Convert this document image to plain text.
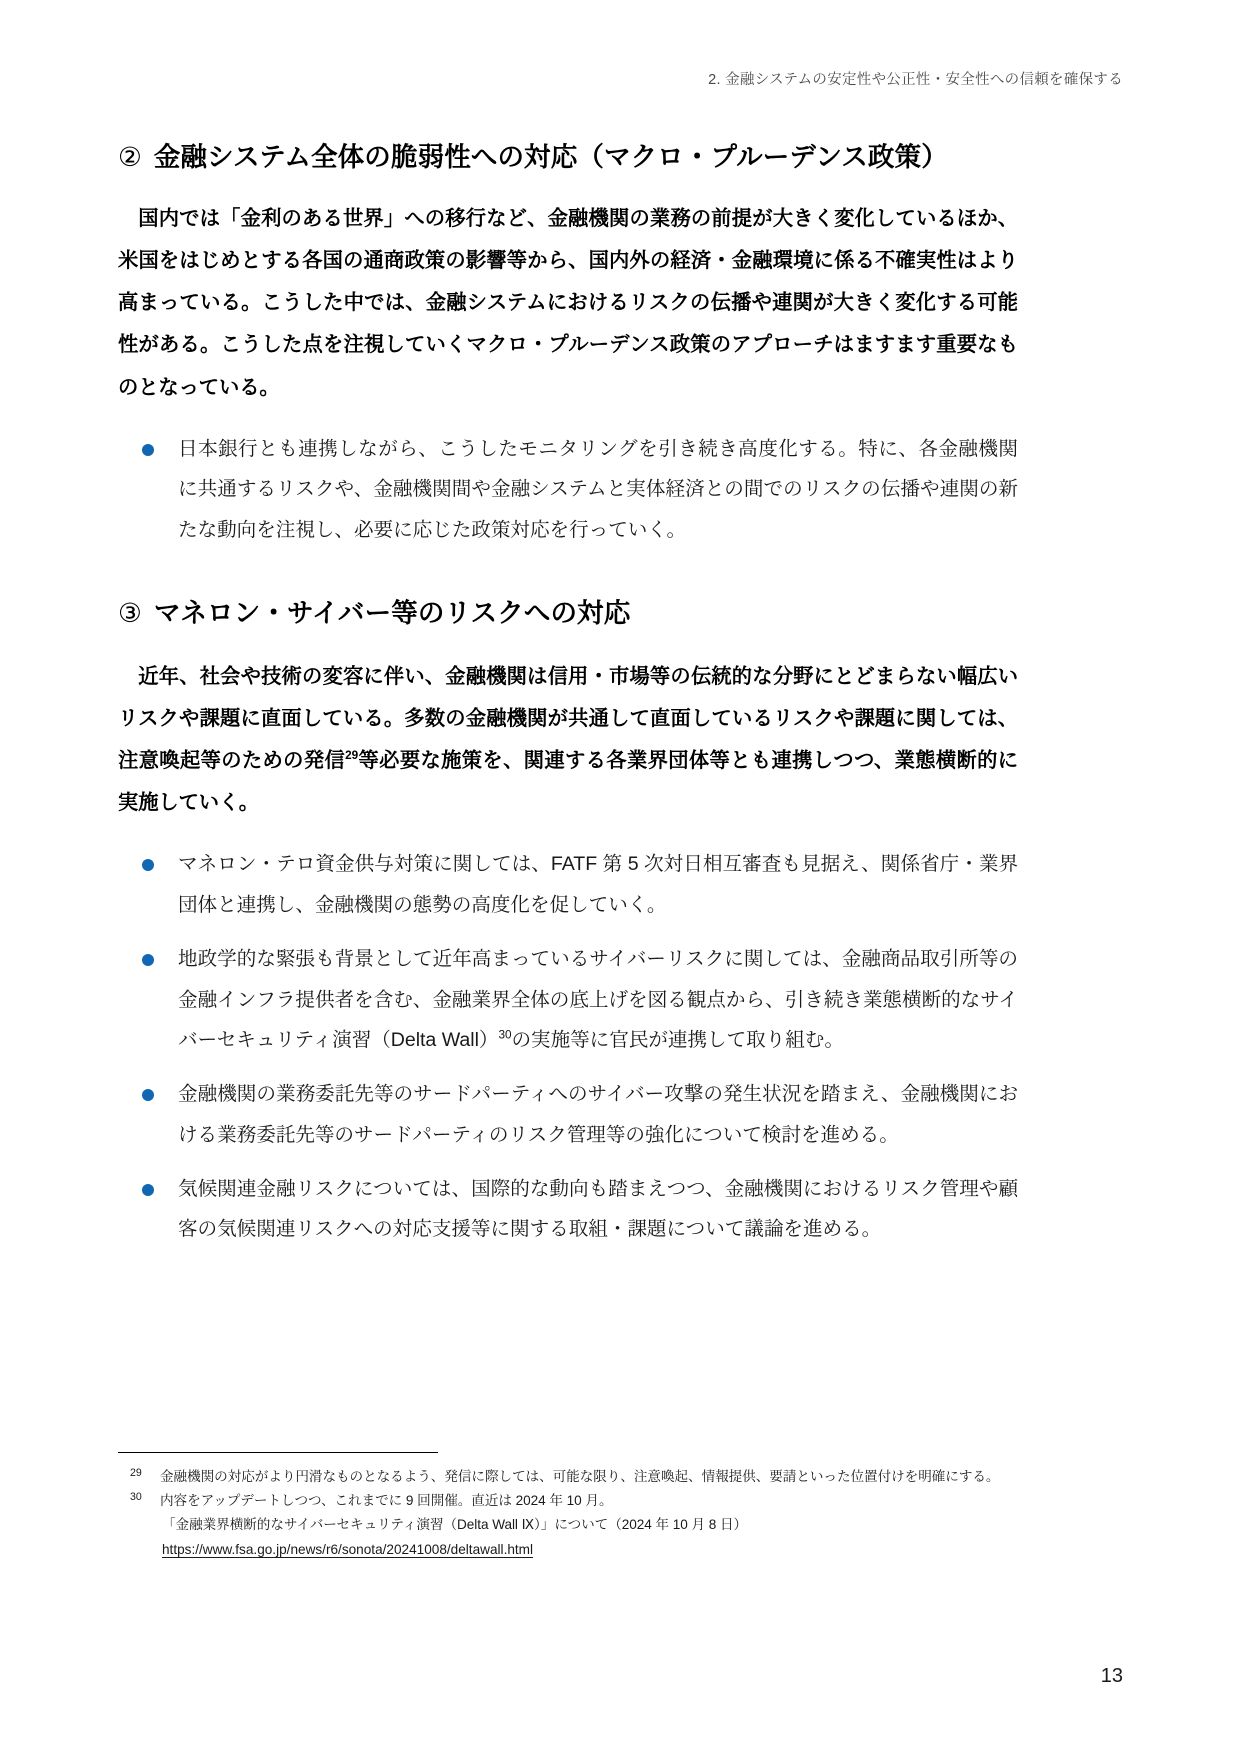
2. 金融システムの安定性や公正性・安全性への信頼を確保する
② 金融システム全体の脆弱性への対応（マクロ・プルーデンス政策）

国内では「金利のある世界」への移行など、金融機関の業務の前提が大きく変化しているほか、米国をはじめとする各国の通商政策の影響等から、国内外の経済・金融環境に係る不確実性はより高まっている。こうした中では、金融システムにおけるリスクの伝播や連関が大きく変化する可能性がある。こうした点を注視していくマクロ・プルーデンス政策のアプローチはますます重要なものとなっている。

日本銀行とも連携しながら、こうしたモニタリングを引き続き高度化する。特に、各金融機関に共通するリスクや、金融機関間や金融システムと実体経済との間でのリスクの伝播や連関の新たな動向を注視し、必要に応じた政策対応を行っていく。
③ マネロン・サイバー等のリスクへの対応

近年、社会や技術の変容に伴い、金融機関は信用・市場等の伝統的な分野にとどまらない幅広いリスクや課題に直面している。多数の金融機関が共通して直面しているリスクや課題に関しては、注意喚起等のための発信$^{29}$等必要な施策を、関連する各業界団体等とも連携しつつ、業態横断的に実施していく。

マネロン・テロ資金供与対策に関しては、FATF 第 5 次対日相互審査も見据え、関係省庁・業界団体と連携し、金融機関の態勢の高度化を促していく。
地政学的な緊張も背景として近年高まっているサイバーリスクに関しては、金融商品取引所等の金融インフラ提供者を含む、金融業界全体の底上げを図る観点から、引き続き業態横断的なサイバーセキュリティ演習（Delta Wall）$^{30}$の実施等に官民が連携して取り組む。
金融機関の業務委託先等のサードパーティへのサイバー攻撃の発生状況を踏まえ、金融機関における業務委託先等のサードパーティのリスク管理等の強化について検討を進める。
気候関連金融リスクについては、国際的な動向も踏まえつつ、金融機関におけるリスク管理や顧客の気候関連リスクへの対応支援等に関する取組・課題について議論を進める。
29 金融機関の対応がより円滑なものとなるよう、発信に際しては、可能な限り、注意喚起、情報提供、要請といった位置付けを明確にする。
30 内容をアップデートしつつ、これまでに 9 回開催。直近は 2024 年 10 月。
「金融業界横断的なサイバーセキュリティ演習（Delta Wall Ⅸ）」について（2024 年 10 月 8 日）
https://www.fsa.go.jp/news/r6/sonota/20241008/deltawall.html
13
